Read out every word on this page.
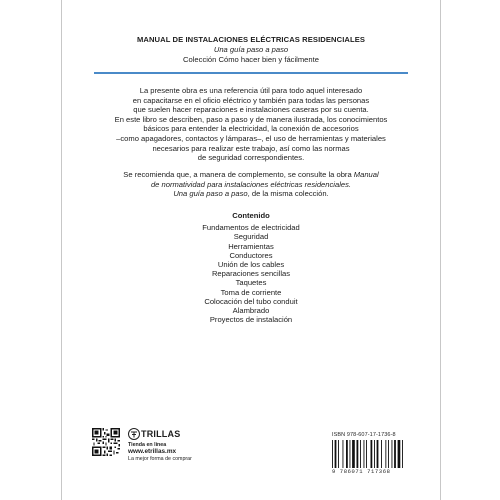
MANUAL DE INSTALACIONES ELÉCTRICAS RESIDENCIALES
Una guía paso a paso
Colección Cómo hacer bien y fácilmente
La presente obra es una referencia útil para todo aquel interesado
en capacitarse en el oficio eléctrico y también para todas las personas
que suelen hacer reparaciones e instalaciones caseras por su cuenta.
En este libro se describen, paso a paso y de manera ilustrada, los conocimientos
básicos para entender la electricidad, la conexión de accesorios
–como apagadores, contactos y lámparas–, el uso de herramientas y materiales
necesarios para realizar este trabajo, así como las normas
de seguridad correspondientes.
Se recomienda que, a manera de complemento, se consulte la obra Manual
de normatividad para instalaciones eléctricas residenciales.
Una guía paso a paso, de la misma colección.
Contenido
Fundamentos de electricidad
Seguridad
Herramientas
Conductores
Unión de los cables
Reparaciones sencillas
Taquetes
Toma de corriente
Colocación del tubo conduit
Alambrado
Proyectos de instalación
TRILLAS
Tienda en línea
www.etrillas.mx
La mejor forma de comprar
ISBN 978-607-17-1736-8
9 786071 717368
